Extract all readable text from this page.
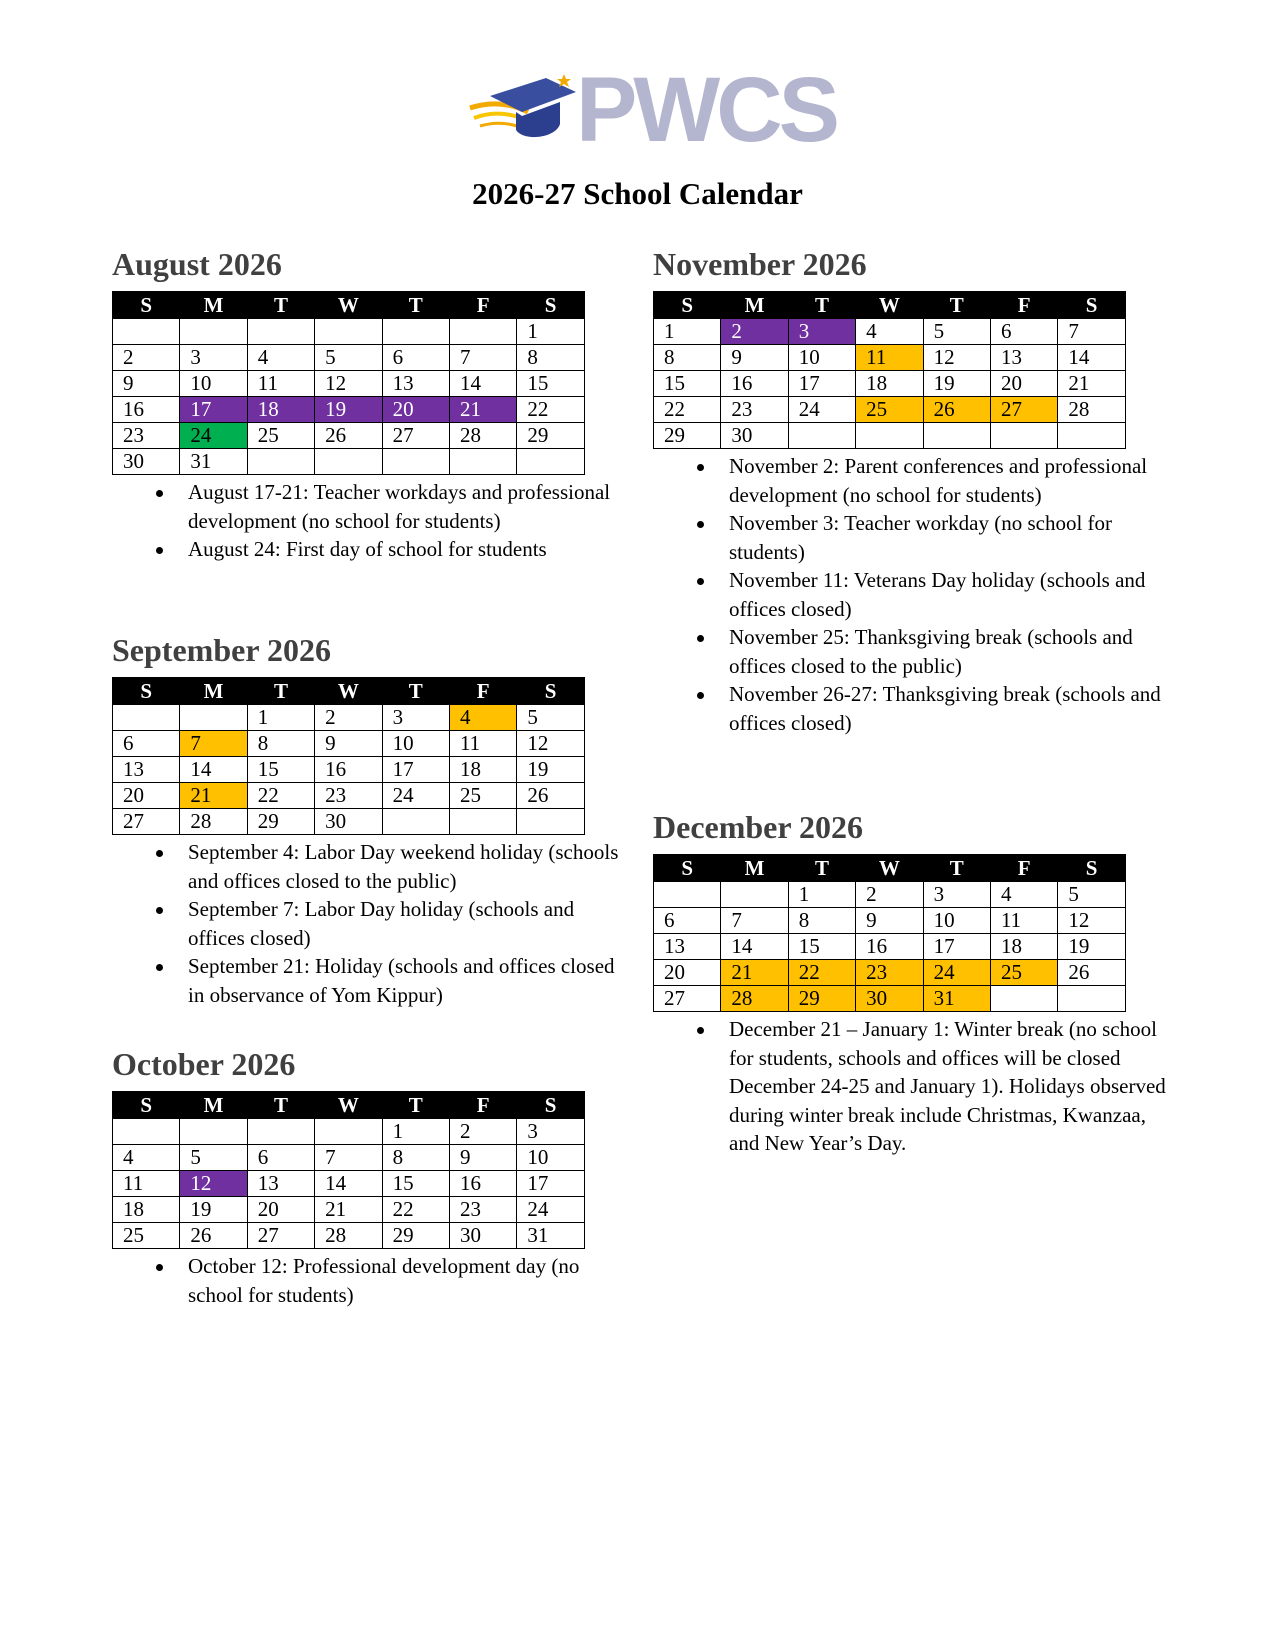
PWCS
2026-27 School Calendar
August 2026
S	M	T	W	T	F	S
						1
2	3	4	5	6	7	8
9	10	11	12	13	14	15
16	17	18	19	20	21	22
23	24	25	26	27	28	29
30	31					
August 17-21: Teacher workdays and professional development (no school for students)
August 24: First day of school for students
September 2026
S	M	T	W	T	F	S
		1	2	3	4	5
6	7	8	9	10	11	12
13	14	15	16	17	18	19
20	21	22	23	24	25	26
27	28	29	30			
September 4: Labor Day weekend holiday (schools and offices closed to the public)
September 7: Labor Day holiday (schools and offices closed)
September 21: Holiday (schools and offices closed in observance of Yom Kippur)
October 2026
S	M	T	W	T	F	S
				1	2	3
4	5	6	7	8	9	10
11	12	13	14	15	16	17
18	19	20	21	22	23	24
25	26	27	28	29	30	31
October 12: Professional development day (no school for students)
November 2026
S	M	T	W	T	F	S
1	2	3	4	5	6	7
8	9	10	11	12	13	14
15	16	17	18	19	20	21
22	23	24	25	26	27	28
29	30					
November 2: Parent conferences and professional development (no school for students)
November 3: Teacher workday (no school for students)
November 11: Veterans Day holiday (schools and offices closed)
November 25: Thanksgiving break (schools and offices closed to the public)
November 26-27: Thanksgiving break (schools and offices closed)
December 2026
S	M	T	W	T	F	S
		1	2	3	4	5
6	7	8	9	10	11	12
13	14	15	16	17	18	19
20	21	22	23	24	25	26
27	28	29	30	31		
December 21 – January 1: Winter break (no school for students, schools and offices will be closed December 24-25 and January 1). Holidays observed during winter break include Christmas, Kwanzaa, and New Year’s Day.
